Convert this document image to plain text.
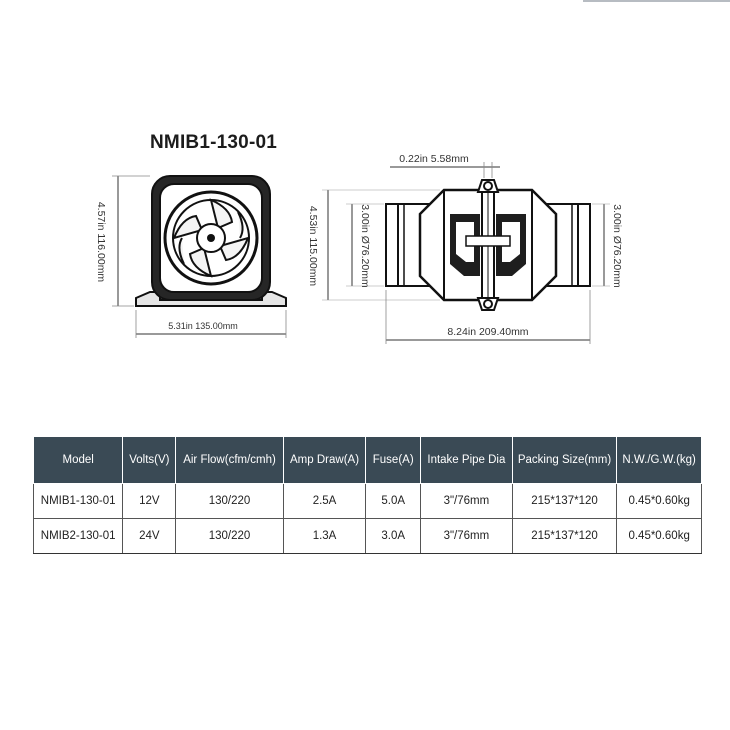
NMIB1-130-01
4.57in 116.00mm
5.31in 135.00mm
0.22in 5.58mm
4.53in 115.00mm	3.00in Ø76.20mm	3.00in Ø76.20mm
8.24in 209.40mm
Model	Volts(V)	Air Flow(cfm/cmh)	Amp Draw(A)	Fuse(A)	Intake Pipe Dia	Packing Size(mm)	N.W./G.W.(kg)
NMIB1-130-01	12V	130/220	2.5A	5.0A	3"/76mm	215*137*120	0.45*0.60kg
NMIB2-130-01	24V	130/220	1.3A	3.0A	3"/76mm	215*137*120	0.45*0.60kg
